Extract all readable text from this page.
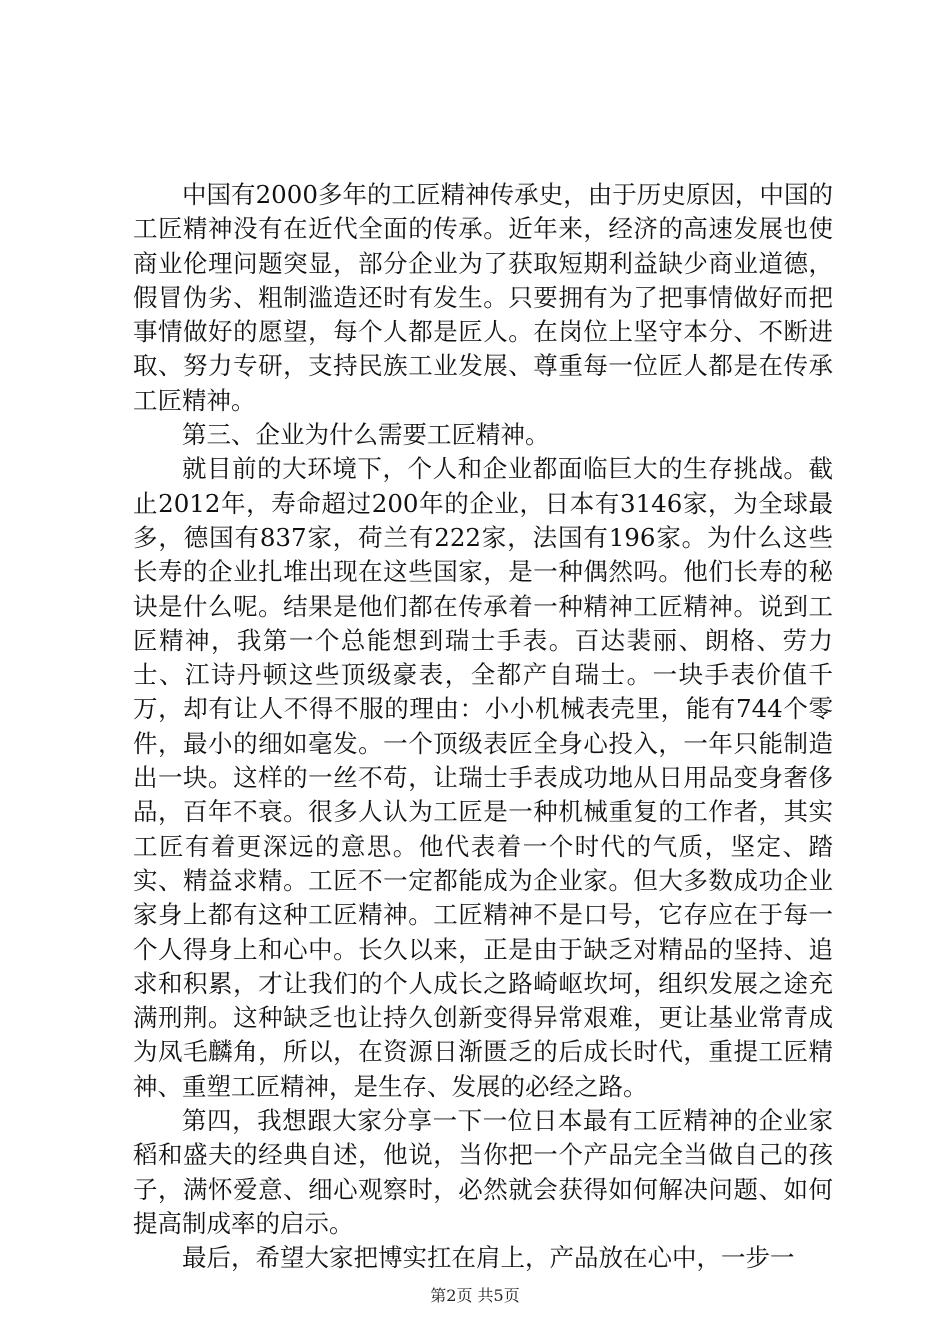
中国有2000多年的工匠精神传承史，由于历史原因，中国的工匠精神没有在近代全面的传承。近年来，经济的高速发展也使商业伦理问题突显，部分企业为了获取短期利益缺少商业道德，假冒伪劣、粗制滥造还时有发生。只要拥有为了把事情做好而把事情做好的愿望，每个人都是匠人。在岗位上坚守本分、不断进取、努力专研，支持民族工业发展、尊重每一位匠人都是在传承工匠精神。

第三、企业为什么需要工匠精神。

就目前的大环境下，个人和企业都面临巨大的生存挑战。截止2012年，寿命超过200年的企业，日本有3146家，为全球最多，德国有837家，荷兰有222家，法国有196家。为什么这些长寿的企业扎堆出现在这些国家，是一种偶然吗。他们长寿的秘诀是什么呢。结果是他们都在传承着一种精神工匠精神。说到工匠精神，我第一个总能想到瑞士手表。百达裴丽、朗格、劳力士、江诗丹顿这些顶级豪表，全都产自瑞士。一块手表价值千万，却有让人不得不服的理由：小小机械表壳里，能有744个零件，最小的细如毫发。一个顶级表匠全身心投入，一年只能制造出一块。这样的一丝不苟，让瑞士手表成功地从日用品变身奢侈品，百年不衰。很多人认为工匠是一种机械重复的工作者，其实工匠有着更深远的意思。他代表着一个时代的气质，坚定、踏实、精益求精。工匠不一定都能成为企业家。但大多数成功企业家身上都有这种工匠精神。工匠精神不是口号，它存应在于每一个人得身上和心中。长久以来，正是由于缺乏对精品的坚持、追求和积累，才让我们的个人成长之路崎岖坎坷，组织发展之途充满刑荆。这种缺乏也让持久创新变得异常艰难，更让基业常青成为凤毛麟角，所以，在资源日渐匮乏的后成长时代，重提工匠精神、重塑工匠精神，是生存、发展的必经之路。

第四，我想跟大家分享一下一位日本最有工匠精神的企业家稻和盛夫的经典自述，他说，当你把一个产品完全当做自己的孩子，满怀爱意、细心观察时，必然就会获得如何解决问题、如何提高制成率的启示。

最后，希望大家把博实扛在肩上，产品放在心中，一步一

第2页 共5页
